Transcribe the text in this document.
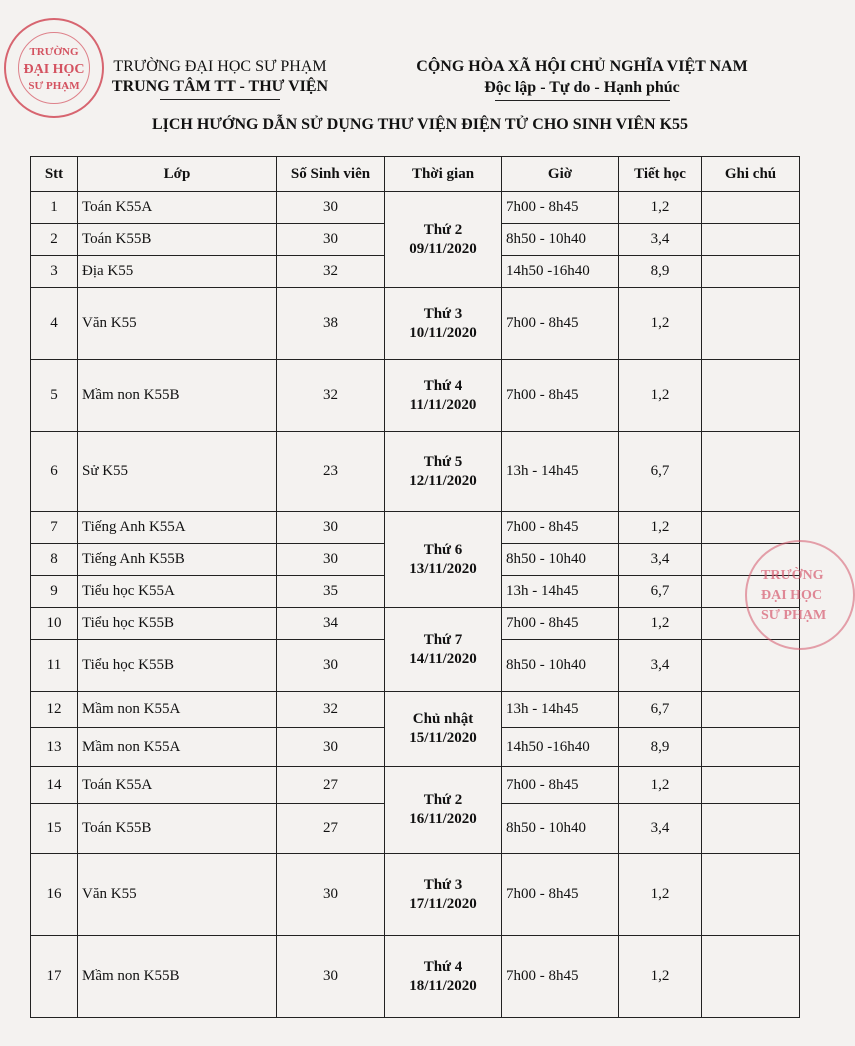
TRƯỜNG
ĐẠI HỌC
SƯ PHẠM
TRƯỜNG ĐẠI HỌC SƯ PHẠM
TRUNG TÂM TT - THƯ VIỆN
CỘNG HÒA XÃ HỘI CHỦ NGHĨA VIỆT NAM
Độc lập - Tự do - Hạnh phúc
LỊCH HƯỚNG DẪN SỬ DỤNG THƯ VIỆN ĐIỆN TỬ CHO SINH VIÊN K55
Stt	Lớp	Số Sinh viên	Thời gian	Giờ	Tiết học	Ghi chú
1	Toán K55A	30	Thứ 2
09/11/2020	7h00 - 8h45	1,2	
2	Toán K55B	30		8h50 - 10h40	3,4	
3	Địa K55	32		14h50 -16h40	8,9	
4	Văn K55	38	Thứ 3
10/11/2020	7h00 - 8h45	1,2	
5	Mầm non K55B	32	Thứ 4
11/11/2020	7h00 - 8h45	1,2	
6	Sử K55	23	Thứ 5
12/11/2020	13h - 14h45	6,7	
7	Tiếng Anh K55A	30	Thứ 6
13/11/2020	7h00 - 8h45	1,2	
8	Tiếng Anh K55B	30		8h50 - 10h40	3,4	
9	Tiểu học K55A	35		13h - 14h45	6,7	
10	Tiểu học K55B	34	Thứ 7
14/11/2020	7h00 - 8h45	1,2	
11	Tiểu học K55B	30		8h50 - 10h40	3,4	
12	Mầm non K55A	32	Chủ nhật
15/11/2020	13h - 14h45	6,7	
13	Mầm non K55A	30		14h50 -16h40	8,9	
14	Toán K55A	27	Thứ 2
16/11/2020	7h00 - 8h45	1,2	
15	Toán K55B	27		8h50 - 10h40	3,4	
16	Văn K55	30	Thứ 3
17/11/2020	7h00 - 8h45	1,2	
17	Mầm non K55B	30	Thứ 4
18/11/2020	7h00 - 8h45	1,2	
TRƯỜNG
ĐẠI HỌC
SƯ PHẠM
